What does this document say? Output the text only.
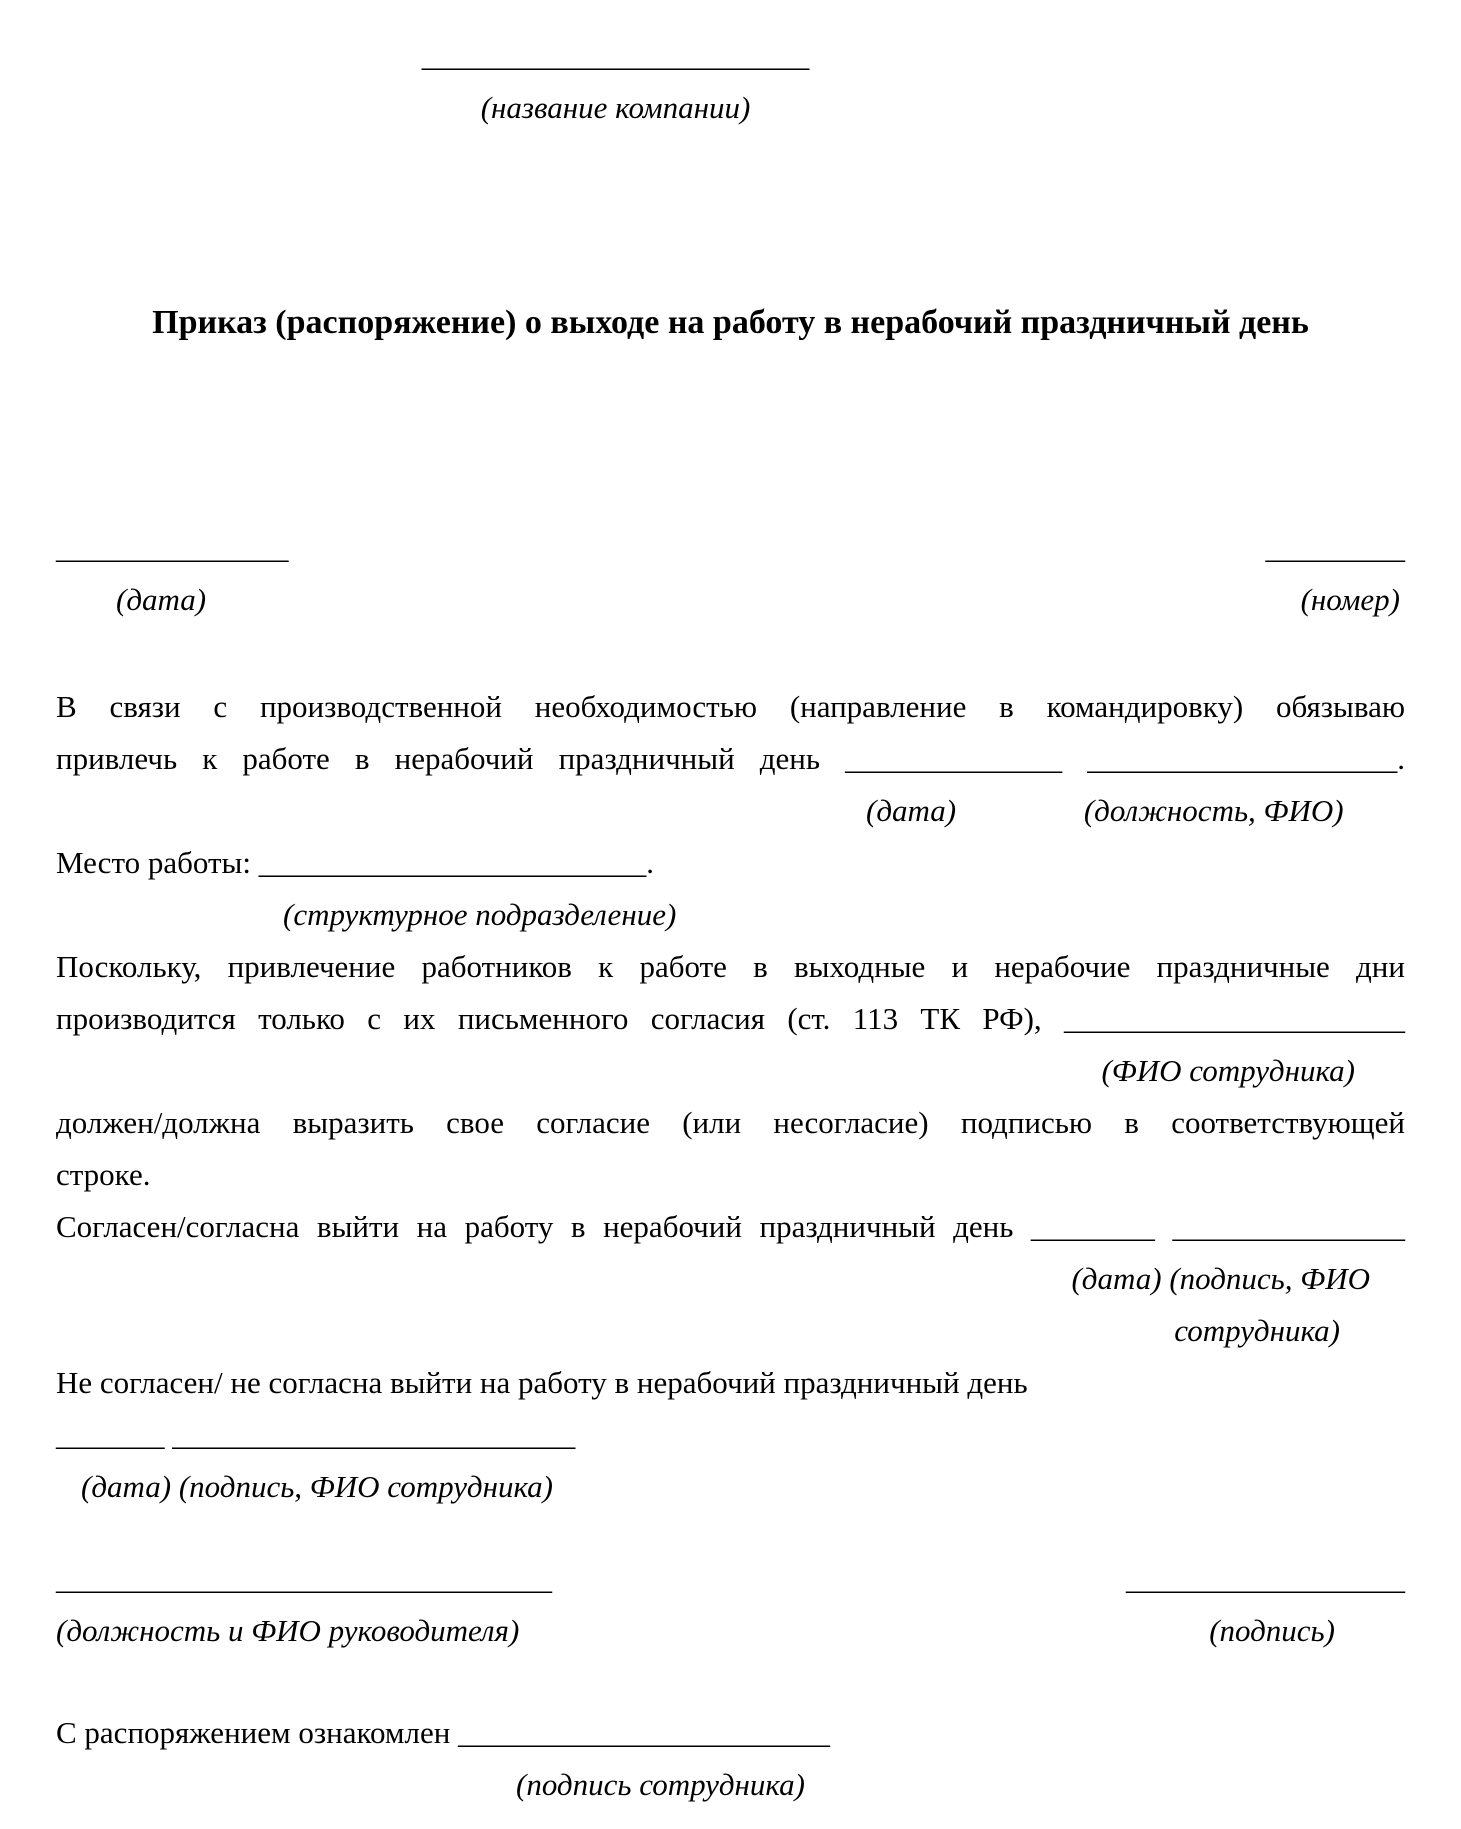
_________________________
(название компании)
Приказ (распоряжение) о выходе на работу в нерабочий праздничный день
_______________	_________
(дата)	(номер)
В связи с производственной необходимостью (направление в командировку) обязываю
привлечь к работе в нерабочий праздничный день ______________ ____________________.
(дата)	(должность, ФИО)
Место работы: _________________________.
(структурное подразделение)
Поскольку, привлечение работников к работе в выходные и нерабочие праздничные дни
производится только с их письменного согласия (ст. 113 ТК РФ), ______________________
(ФИО сотрудника)
должен/должна выразить свое согласие (или несогласие) подписью в соответствующей
строке.
Согласен/согласна выйти на работу в нерабочий праздничный день ________ _______________
(дата) (подпись, ФИО
сотрудника)
Не согласен/ не согласна выйти на работу в нерабочий праздничный день
_______ __________________________
(дата) (подпись, ФИО сотрудника)
________________________________	__________________
(должность и ФИО руководителя)	(подпись)
С распоряжением ознакомлен ________________________
(подпись сотрудника)
